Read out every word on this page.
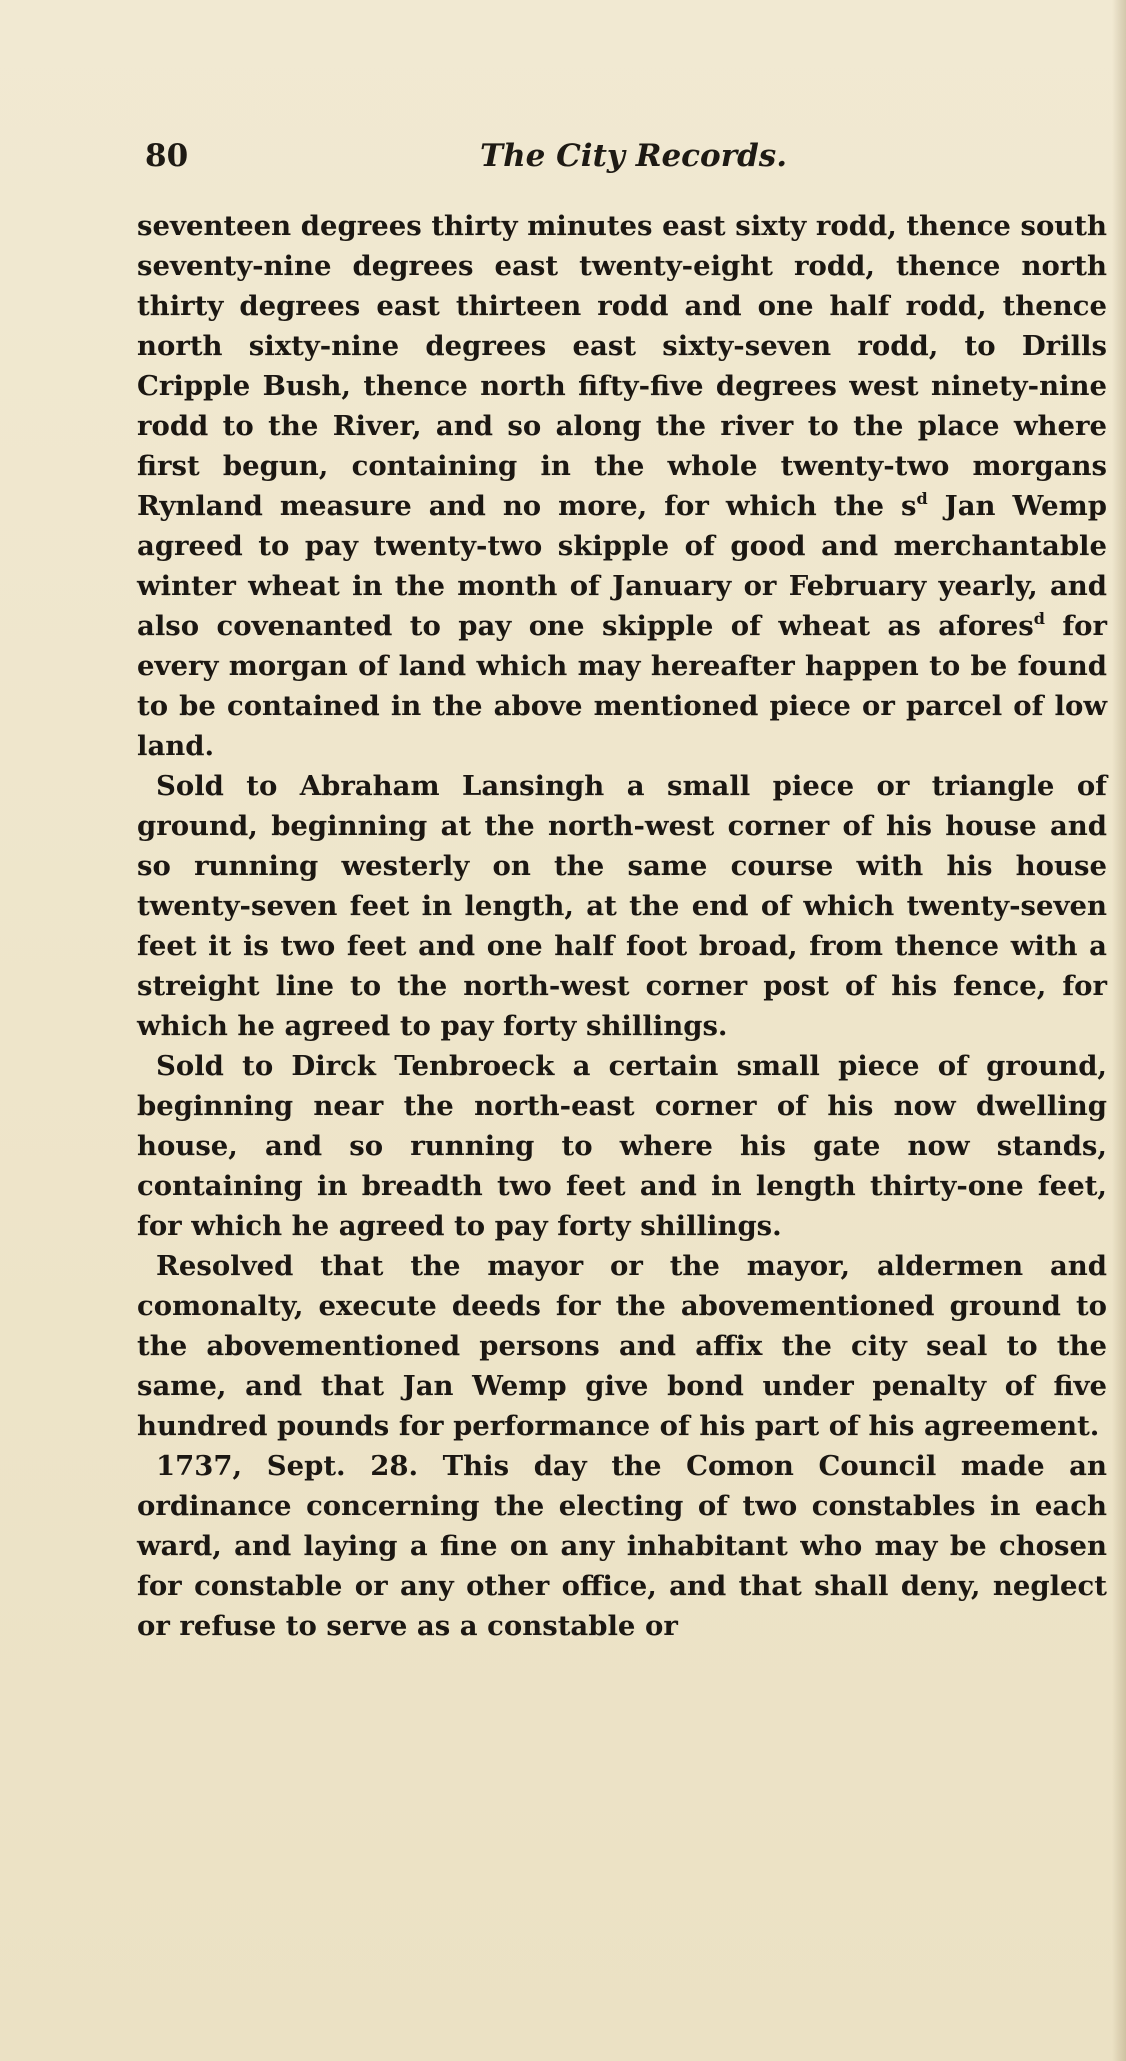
80	The City Records.

seventeen degrees thirty minutes east sixty rodd, thence south seventy-nine degrees east twenty-eight rodd, thence north thirty degrees east thirteen rodd and one half rodd, thence north sixty-nine degrees east sixty-seven rodd, to Drills Cripple Bush, thence north fifty-five degrees west ninety-nine rodd to the River, and so along the river to the place where first begun, containing in the whole twenty-two morgans Rynland measure and no more, for which the $s^d$ Jan Wemp agreed to pay twenty-two skipple of good and merchantable winter wheat in the month of January or February yearly, and also covenanted to pay one skipple of wheat as afores$^d$ for every morgan of land which may hereafter happen to be found to be contained in the above mentioned piece or parcel of low land.

Sold to Abraham Lansingh a small piece or triangle of ground, beginning at the north-west corner of his house and so running westerly on the same course with his house twenty-seven feet in length, at the end of which twenty-seven feet it is two feet and one half foot broad, from thence with a streight line to the north-west corner post of his fence, for which he agreed to pay forty shillings.

Sold to Dirck Tenbroeck a certain small piece of ground, beginning near the north-east corner of his now dwelling house, and so running to where his gate now stands, containing in breadth two feet and in length thirty-one feet, for which he agreed to pay forty shillings.

Resolved that the mayor or the mayor, aldermen and comonalty, execute deeds for the abovementioned ground to the abovementioned persons and affix the city seal to the same, and that Jan Wemp give bond under penalty of five hundred pounds for performance of his part of his agreement.

1737, Sept. 28. This day the Comon Council made an ordinance concerning the electing of two constables in each ward, and laying a fine on any inhabitant who may be chosen for constable or any other office, and that shall deny, neglect or refuse to serve as a constable or
